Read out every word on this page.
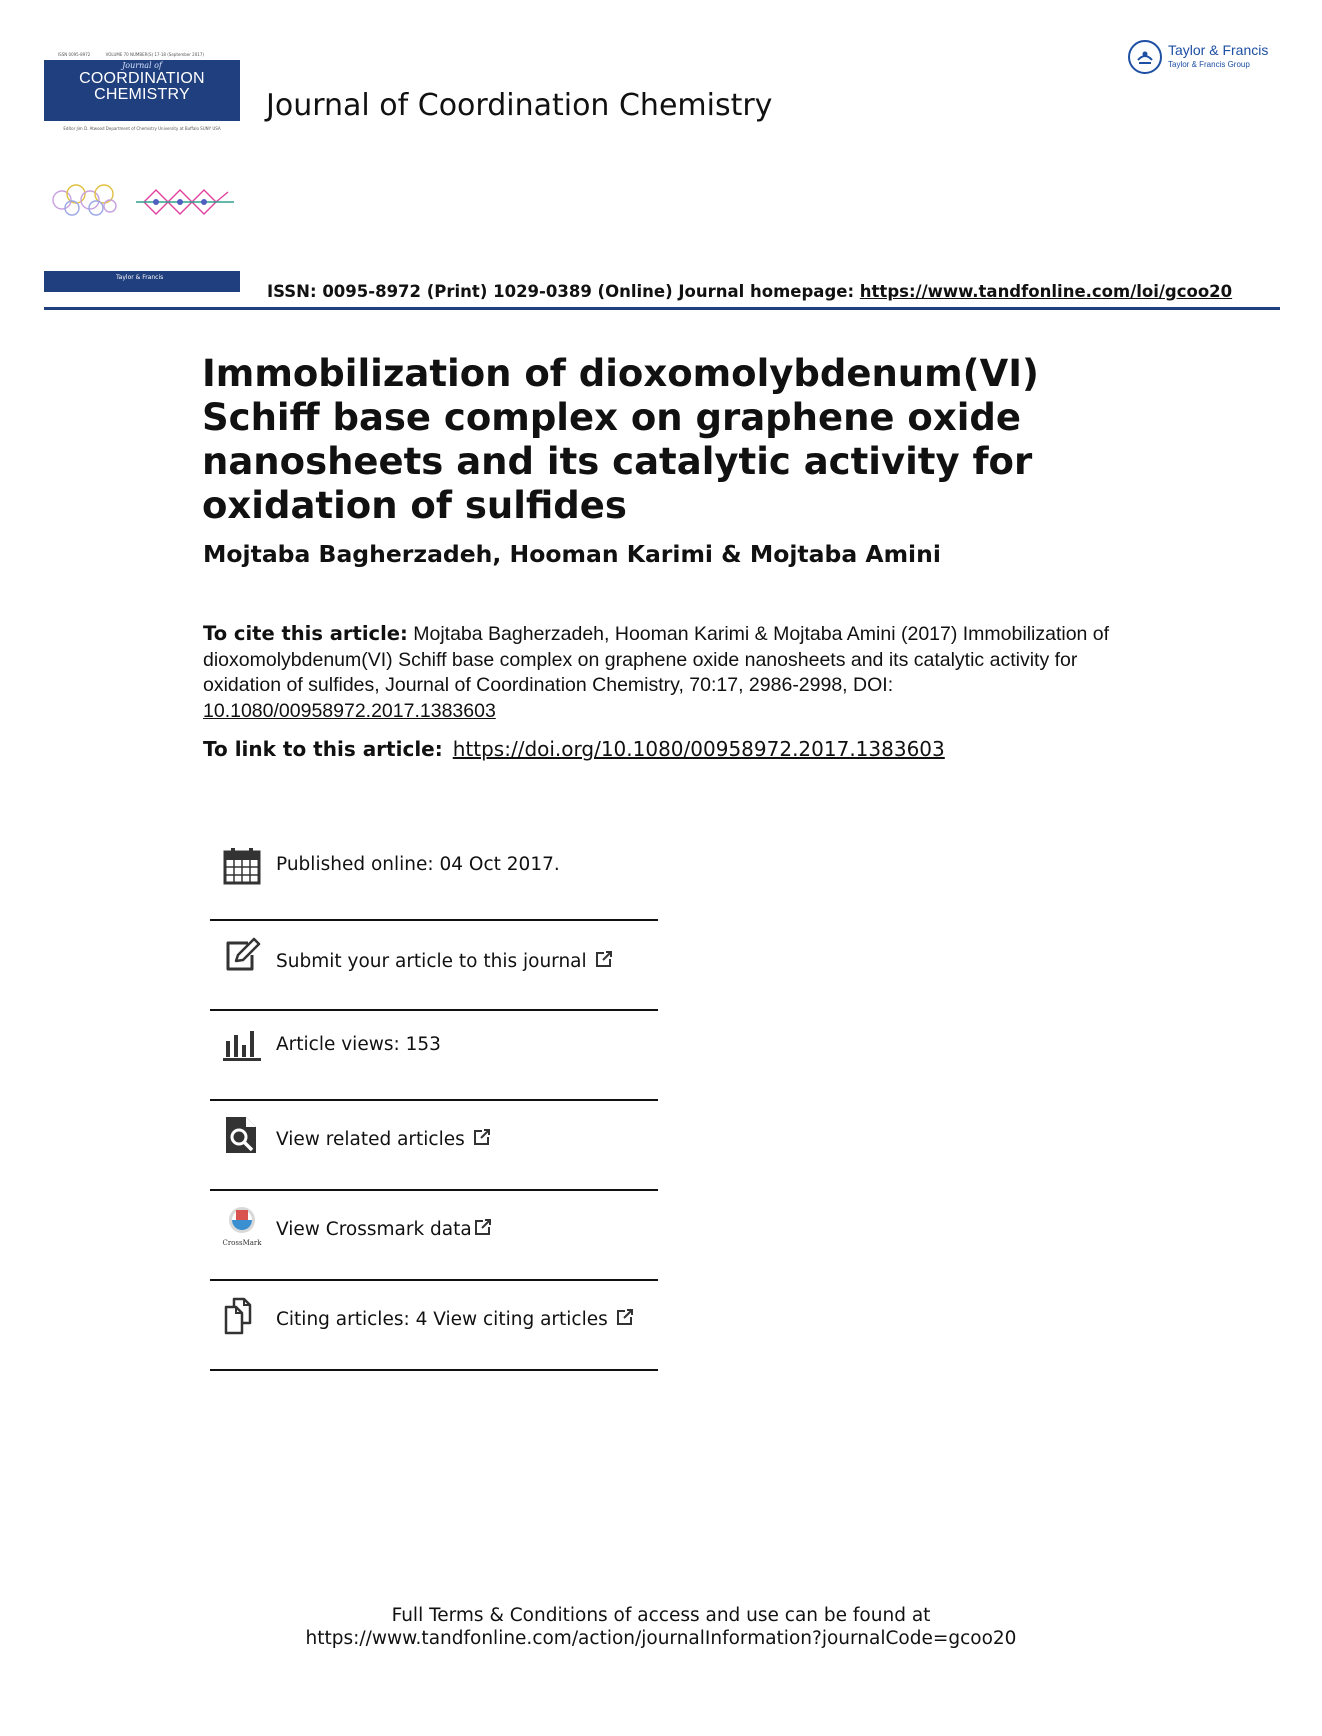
ISSN 0095-8972	VOLUME 70 NUMBER(S) 17-18 (September 2017)
Journal of
COORDINATION
CHEMISTRY
Editor Jim D. Atwood Department of Chemistry University at Buffalo SUNY USA
Taylor & Francis
Journal of Coordination Chemistry
Taylor & Francis
Taylor & Francis Group
ISSN: 0095-8972 (Print) 1029-0389 (Online) Journal homepage: https://www.tandfonline.com/loi/gcoo20
Immobilization of dioxomolybdenum(VI) Schiff base complex on graphene oxide nanosheets and its catalytic activity for oxidation of sulfides
Mojtaba Bagherzadeh, Hooman Karimi & Mojtaba Amini
To cite this article: Mojtaba Bagherzadeh, Hooman Karimi & Mojtaba Amini (2017) Immobilization of dioxomolybdenum(VI) Schiff base complex on graphene oxide nanosheets and its catalytic activity for oxidation of sulfides, Journal of Coordination Chemistry, 70:17, 2986-2998, DOI: 10.1080/00958972.2017.1383603
To link to this article: https://doi.org/10.1080/00958972.2017.1383603
Published online: 04 Oct 2017.
Submit your article to this journal
Article views: 153
View related articles
CrossMark
View Crossmark data
Citing articles: 4 View citing articles
Full Terms & Conditions of access and use can be found at
https://www.tandfonline.com/action/journalInformation?journalCode=gcoo20
